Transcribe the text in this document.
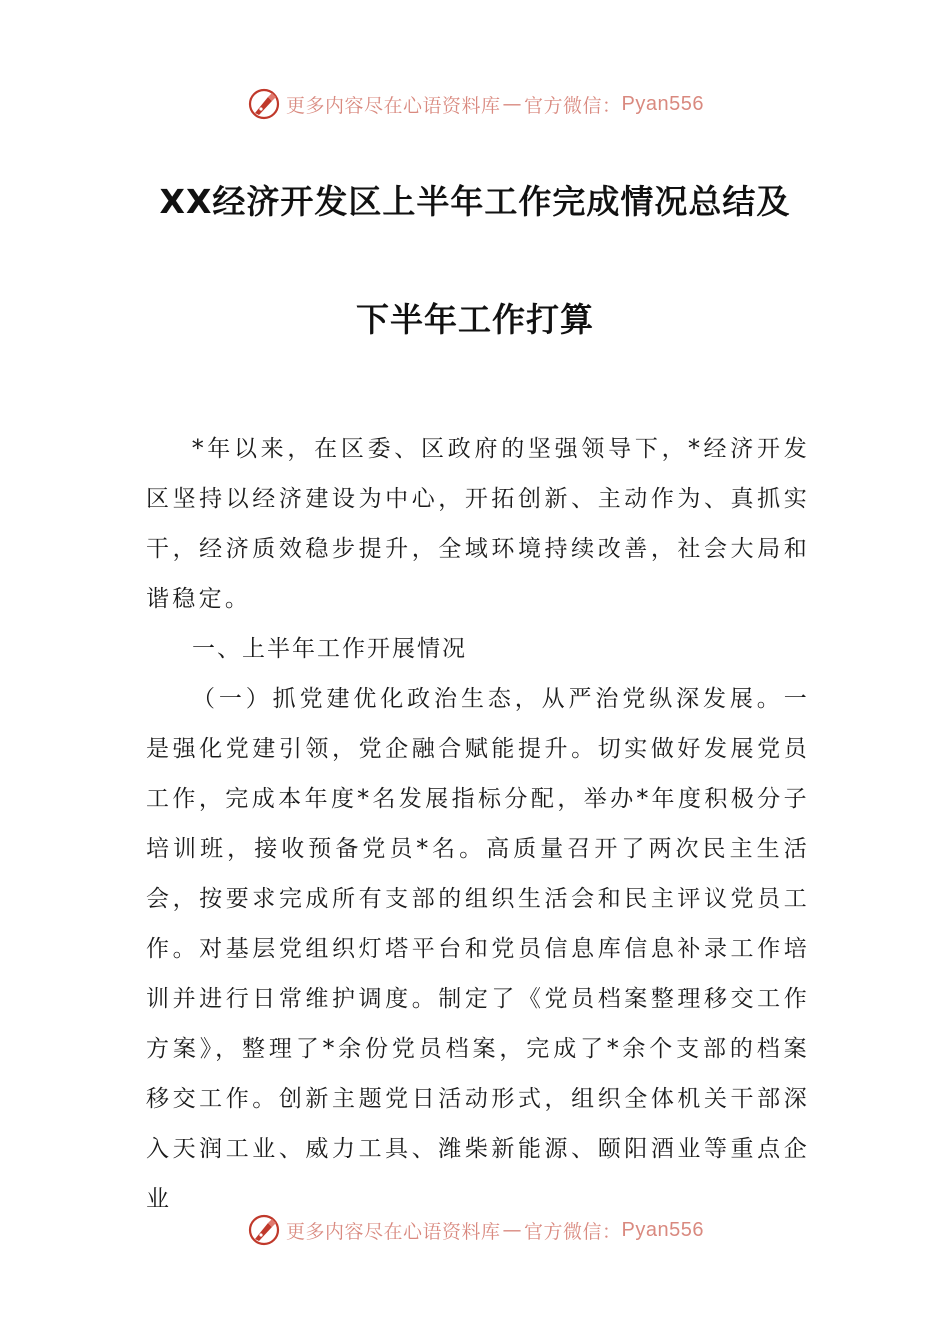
更多内容尽在心语资料库 — 官方微信： Pyan556
XX经济开发区上半年工作完成情况总结及
下半年工作打算

*年以来，在区委、区政府的坚强领导下，*经济开发区坚持以经济建设为中心，开拓创新、主动作为、真抓实干，经济质效稳步提升，全域环境持续改善，社会大局和谐稳定。

一、上半年工作开展情况

（一）抓党建优化政治生态，从严治党纵深发展。一是强化党建引领，党企融合赋能提升。切实做好发展党员工作，完成本年度*名发展指标分配，举办*年度积极分子培训班，接收预备党员*名。高质量召开了两次民主生活会，按要求完成所有支部的组织生活会和民主评议党员工作。对基层党组织灯塔平台和党员信息库信息补录工作培训并进行日常维护调度。制定了《党员档案整理移交工作方案》，整理了*余份党员档案，完成了*余个支部的档案移交工作。创新主题党日活动形式，组织全体机关干部深入天润工业、威力工具、潍柴新能源、颐阳酒业等重点企业

更多内容尽在心语资料库 — 官方微信： Pyan556
